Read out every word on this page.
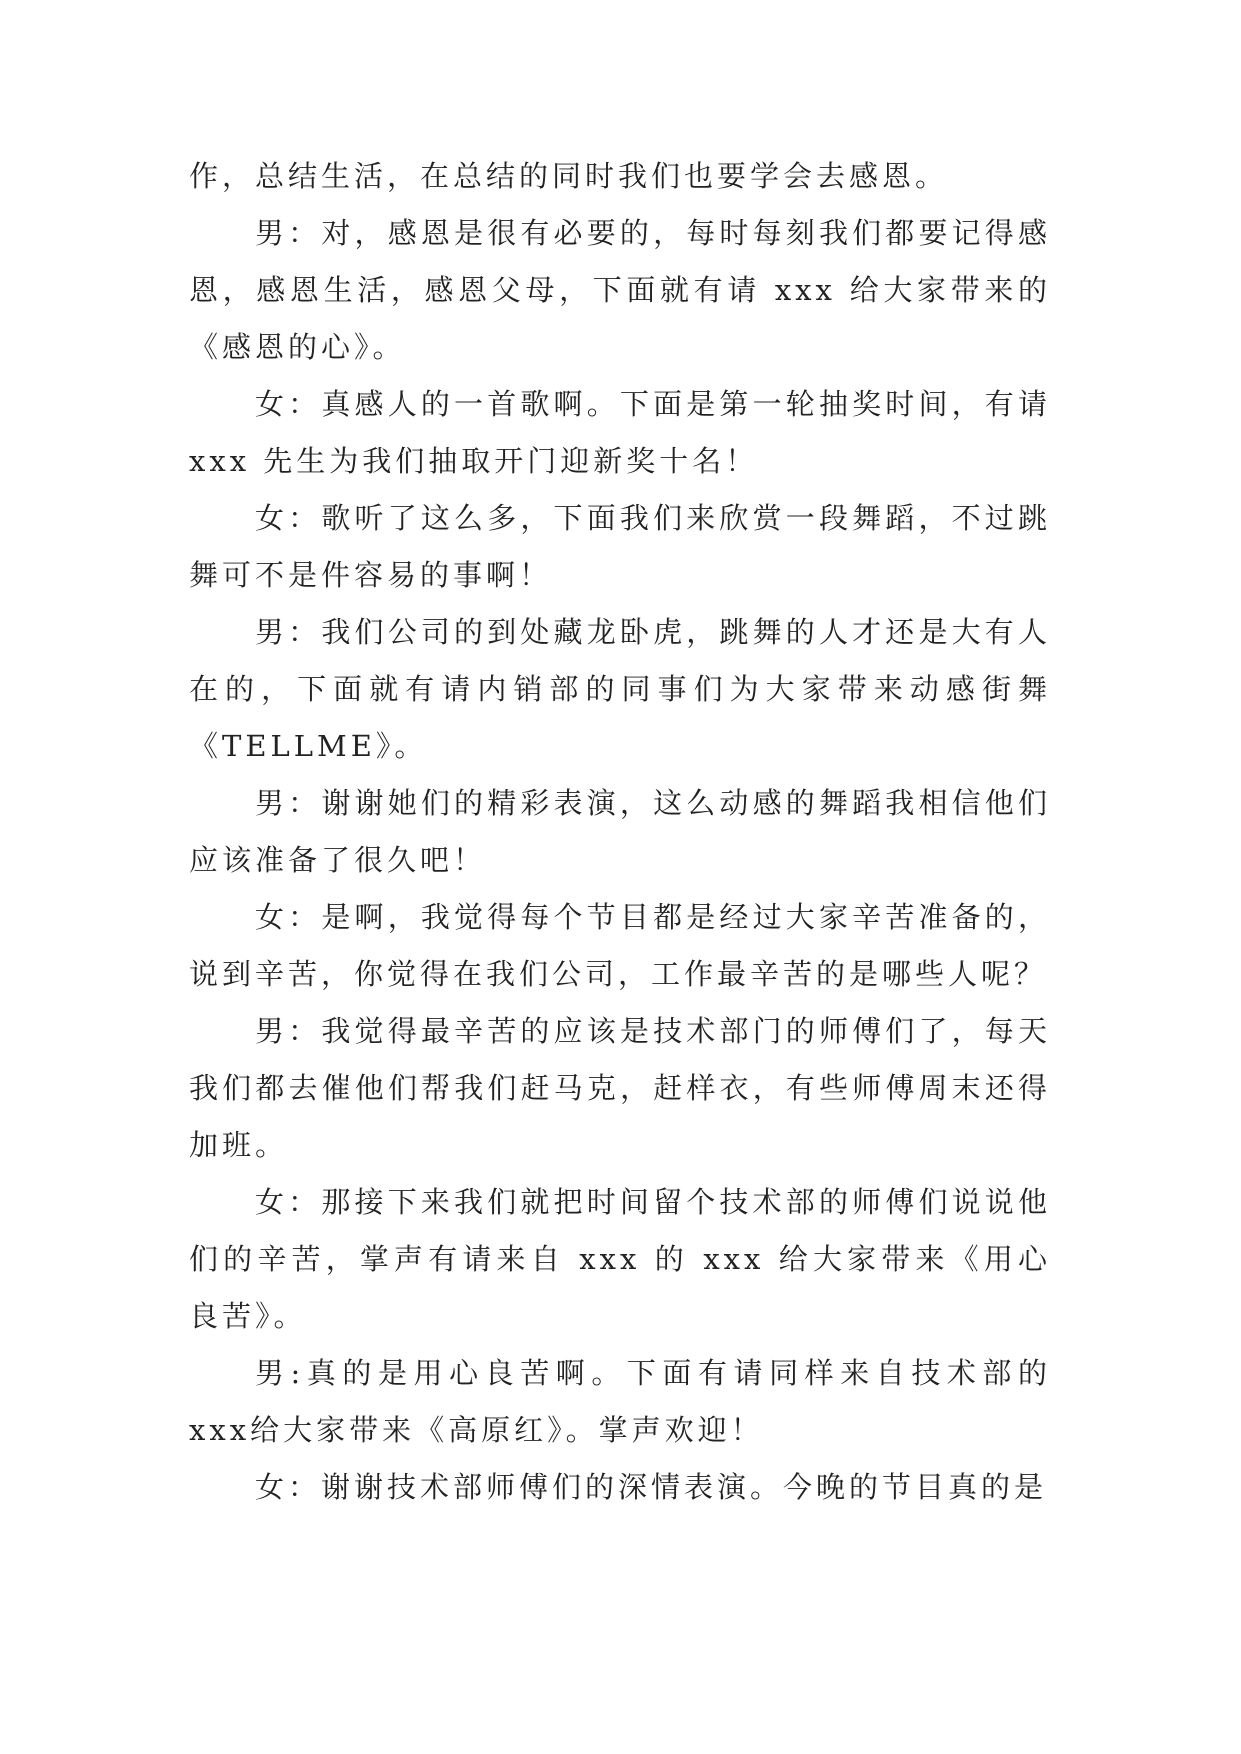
作，总结生活，在总结的同时我们也要学会去感恩。

男：对，感恩是很有必要的，每时每刻我们都要记得感恩，感恩生活，感恩父母，下面就有请 xxx 给大家带来的《感恩的心》。

女：真感人的一首歌啊。下面是第一轮抽奖时间，有请xxx 先生为我们抽取开门迎新奖十名！

女：歌听了这么多，下面我们来欣赏一段舞蹈，不过跳舞可不是件容易的事啊！

男：我们公司的到处藏龙卧虎，跳舞的人才还是大有人在的，下面就有请内销部的同事们为大家带来动感街舞《TELLME》。

男：谢谢她们的精彩表演，这么动感的舞蹈我相信他们应该准备了很久吧！

女：是啊，我觉得每个节目都是经过大家辛苦准备的，说到辛苦，你觉得在我们公司，工作最辛苦的是哪些人呢？

男：我觉得最辛苦的应该是技术部门的师傅们了，每天我们都去催他们帮我们赶马克，赶样衣，有些师傅周末还得加班。

女：那接下来我们就把时间留个技术部的师傅们说说他们的辛苦，掌声有请来自 xxx 的 xxx 给大家带来《用心良苦》。

男:真的是用心良苦啊。下面有请同样来自技术部的 xxx给大家带来《高原红》。掌声欢迎！

女：谢谢技术部师傅们的深情表演。今晚的节目真的是
